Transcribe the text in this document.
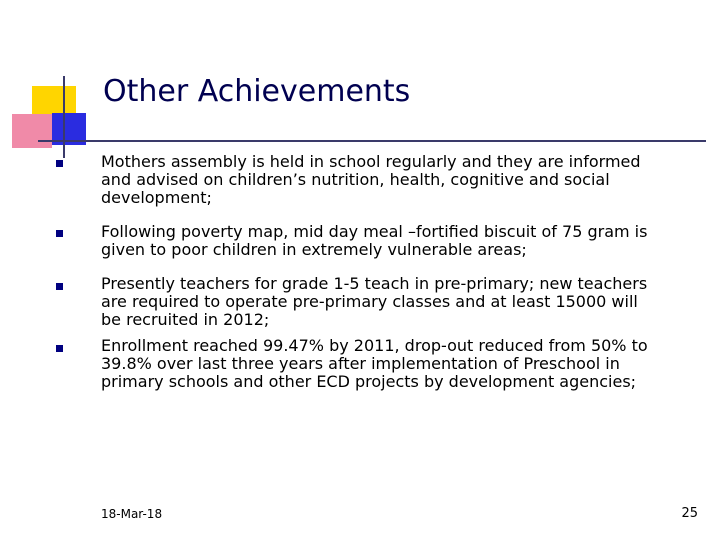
Other Achievements

Mothers assembly is held in school regularly and they are informed and advised on children’s nutrition, health, cognitive and social development;

Following poverty map, mid day meal –fortified biscuit of 75 gram is given to poor children in extremely vulnerable areas;

Presently teachers for grade 1-5 teach in pre-primary; new teachers are required to operate pre-primary classes and at least 15000 will be recruited in 2012;

Enrollment reached 99.47% by 2011, drop-out reduced from 50% to 39.8% over last three years after implementation of Preschool in primary schools and other ECD projects by development agencies;

18-Mar-18	25
